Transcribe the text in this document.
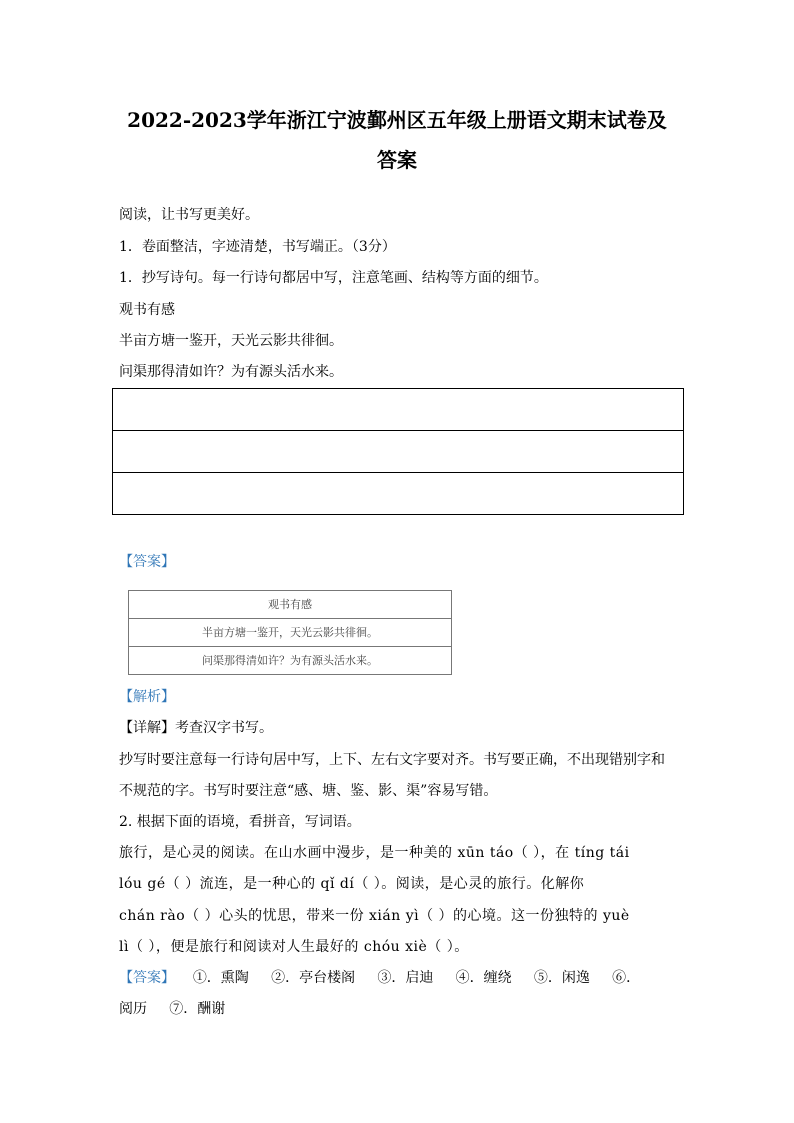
2022-2023学年浙江宁波鄞州区五年级上册语文期末试卷及
答案
阅读，让书写更美好。
1．卷面整洁，字迹清楚，书写端正。（3分）
1．抄写诗句。每一行诗句都居中写，注意笔画、结构等方面的细节。
观书有感
半亩方塘一鉴开，天光云影共徘徊。
问渠那得清如许？为有源头活水来。
【答案】
观书有感
半亩方塘一鉴开，天光云影共徘徊。
问渠那得清如许？为有源头活水来。
【解析】
【详解】考查汉字书写。
抄写时要注意每一行诗句居中写，上下、左右文字要对齐。书写要正确，不出现错别字和
不规范的字。书写时要注意“感、塘、鉴、影、渠”容易写错。
2. 根据下面的语境，看拼音，写词语。
旅行，是心灵的阅读。在山水画中漫步，是一种美的 xūn táo（ ），在 tíng tái
lóu gé（ ）流连，是一种心的 qǐ dí（ ）。阅读，是心灵的旅行。化解你
chán rào（ ）心头的忧思，带来一份 xián yì（ ）的心境。这一份独特的 yuè
lì（ ），便是旅行和阅读对人生最好的 chóu xiè（ ）。
【答案】 ①．熏陶     ②．亭台楼阁     ③．启迪     ④．缠绕     ⑤．闲逸     ⑥．
阅历     ⑦．酬谢
